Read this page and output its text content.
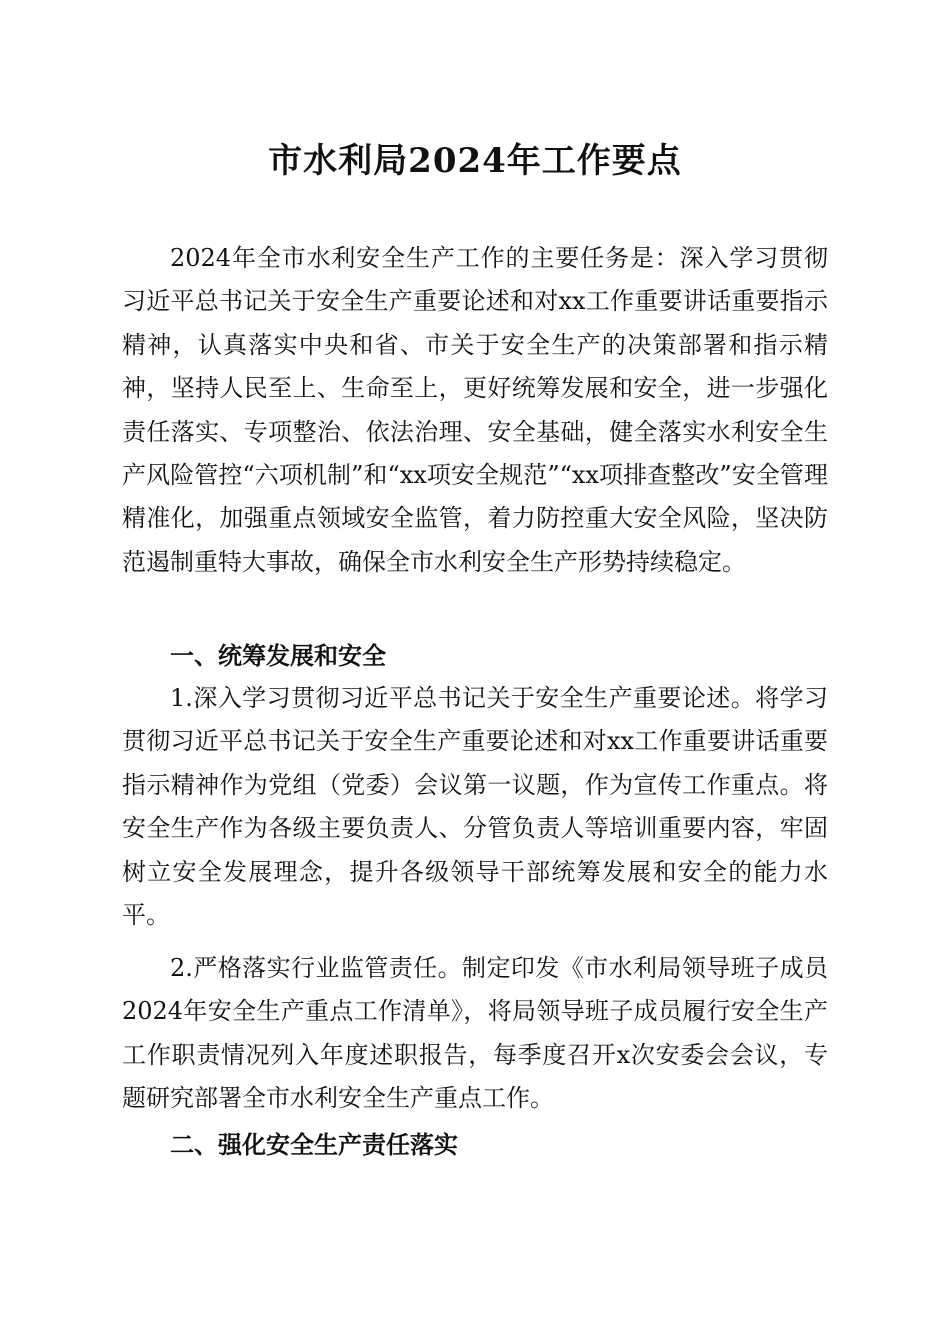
市水利局2024年工作要点

2024年全市水利安全生产工作的主要任务是：深入学习贯彻习近平总书记关于安全生产重要论述和对xx工作重要讲话重要指示精神，认真落实中央和省、市关于安全生产的决策部署和指示精神，坚持人民至上、生命至上，更好统筹发展和安全，进一步强化责任落实、专项整治、依法治理、安全基础，健全落实水利安全生产风险管控“六项机制”和“xx项安全规范”“xx项排查整改”安全管理精准化，加强重点领域安全监管，着力防控重大安全风险，坚决防范遏制重特大事故，确保全市水利安全生产形势持续稳定。

一、统筹发展和安全

1.深入学习贯彻习近平总书记关于安全生产重要论述。将学习贯彻习近平总书记关于安全生产重要论述和对xx工作重要讲话重要指示精神作为党组（党委）会议第一议题，作为宣传工作重点。将安全生产作为各级主要负责人、分管负责人等培训重要内容，牢固树立安全发展理念，提升各级领导干部统筹发展和安全的能力水平。

2.严格落实行业监管责任。制定印发《市水利局领导班子成员2024年安全生产重点工作清单》，将局领导班子成员履行安全生产工作职责情况列入年度述职报告，每季度召开x次安委会会议，专题研究部署全市水利安全生产重点工作。

二、强化安全生产责任落实
